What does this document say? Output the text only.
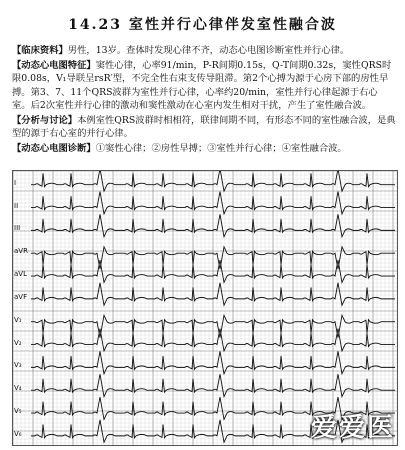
14.23 室性并行心律伴发室性融合波

【临床资料】男性，13岁。查体时发现心律不齐，动态心电图诊断室性并行心律。

【动态心电图特征】窦性心律，心率91/min，P-R间期0.15s，Q-T间期0.32s，窦性QRS时限0.08s，V₁导联呈rsR′型，不完全性右束支传导阻滞。第2个心搏为源于心房下部的房性早搏。第3、7、11个QRS波群为室性并行心律，心率约20/min，室性并行心律起源于右心室。后2次室性并行心律的激动和窦性激动在心室内发生相对干扰，产生了室性融合波。

【分析与讨论】本例室性QRS波群时相相符，联律间期不同，有形态不同的室性融合波，是典型的源于右心室的并行心律。

【动态心电图诊断】①窦性心律；②房性早搏；③室性并行心律；④室性融合波。

I
II
III
aVR
aVL
aVF
V₁
V₂
V₃
V₄
V₅
V₆	爱爱医
